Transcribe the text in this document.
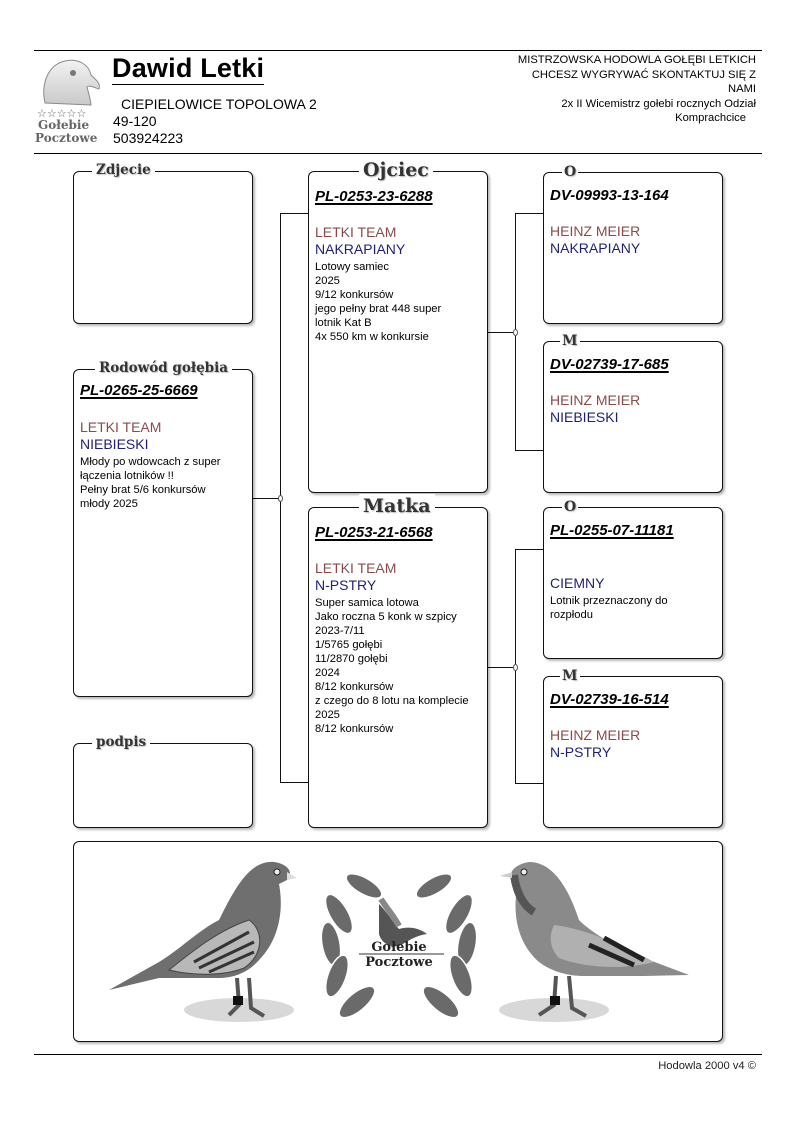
☆☆☆☆☆
Gołebie
Pocztowe
Dawid Letki
CIEPIELOWICE TOPOLOWA 2
49-120
503924223
MISTRZOWSKA HODOWLA GOŁĘBI LETKICH
CHCESZ WYGRYWAĆ SKONTAKTUJ SIĘ Z
NAMI
2x II Wicemistrz gołebi rocznych Odział
Komprachcice
Zdjecie
Rodowód gołębia
PL-0265-25-6669
LETKI TEAM
NIEBIESKI
Młody po wdowcach z super
łączenia lotników !!
Pełny brat 5/6 konkursów
młody 2025
podpis
Ojciec
PL-0253-23-6288
LETKI TEAM
NAKRAPIANY
Lotowy samiec
2025
9/12 konkursów
jego pełny brat 448 super
lotnik Kat B
4x 550 km w konkursie
Matka
PL-0253-21-6568
LETKI TEAM
N-PSTRY
Super samica lotowa
Jako roczna 5 konk w szpicy
2023-7/11
1/5765 gołębi
11/2870 gołębi
2024
8/12 konkursów
z czego do 8 lotu na komplecie
2025
8/12 konkursów
O
DV-09993-13-164
HEINZ MEIER
NAKRAPIANY
M
DV-02739-17-685
HEINZ MEIER
NIEBIESKI
O
PL-0255-07-11181
CIEMNY
Lotnik przeznaczony do
rozpłodu
M
DV-02739-16-514
HEINZ MEIER
N-PSTRY
Gołebie
Pocztowe
Hodowla 2000 v4 ©
